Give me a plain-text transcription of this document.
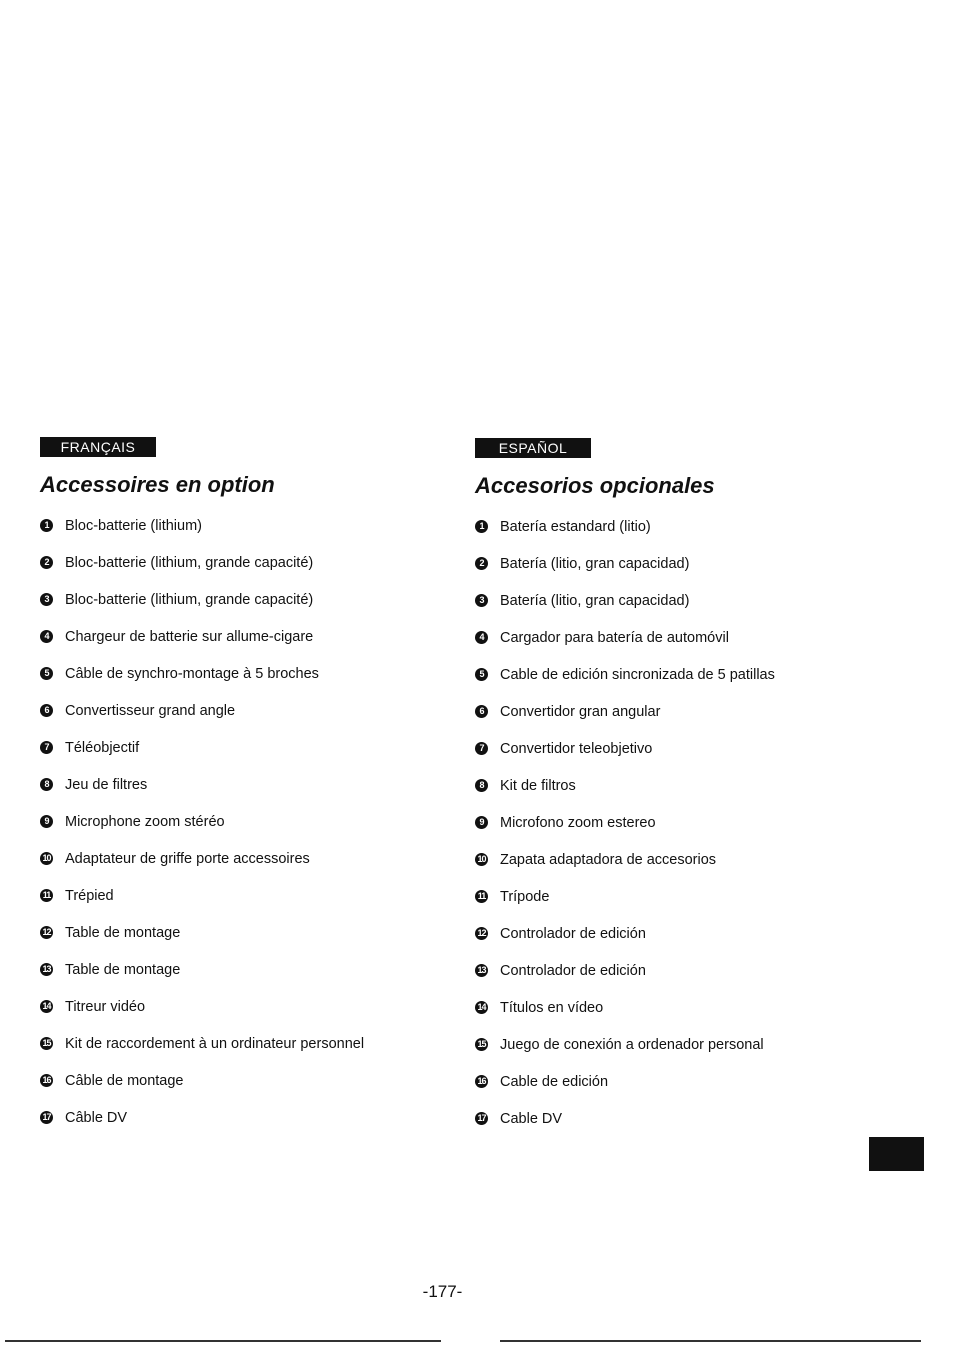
FRANÇAIS
Accessoires en option
1	Bloc-batterie (lithium)
2	Bloc-batterie (lithium, grande capacité)
3	Bloc-batterie (lithium, grande capacité)
4	Chargeur de batterie sur allume-cigare
5	Câble de synchro-montage à 5 broches
6	Convertisseur grand angle
7	Téléobjectif
8	Jeu de filtres
9	Microphone zoom stéréo
10 Adaptateur de griffe porte accessoires
11 Trépied
12 Table de montage
13 Table de montage
14 Titreur vidéo
15 Kit de raccordement à un ordinateur personnel
16 Câble de montage
17 Câble DV
ESPAÑOL
Accesorios opcionales
1	Batería estandard (litio)
2	Batería (litio, gran capacidad)
3	Batería (litio, gran capacidad)
4	Cargador para batería de automóvil
5	Cable de edición sincronizada de 5 patillas
6	Convertidor gran angular
7	Convertidor teleobjetivo
8	Kit de filtros
9	Microfono zoom estereo
10 Zapata adaptadora de accesorios
11 Trípode
12 Controlador de edición
13 Controlador de edición
14 Títulos en vídeo
15 Juego de conexión a ordenador personal
16 Cable de edición
17 Cable DV
-177-
